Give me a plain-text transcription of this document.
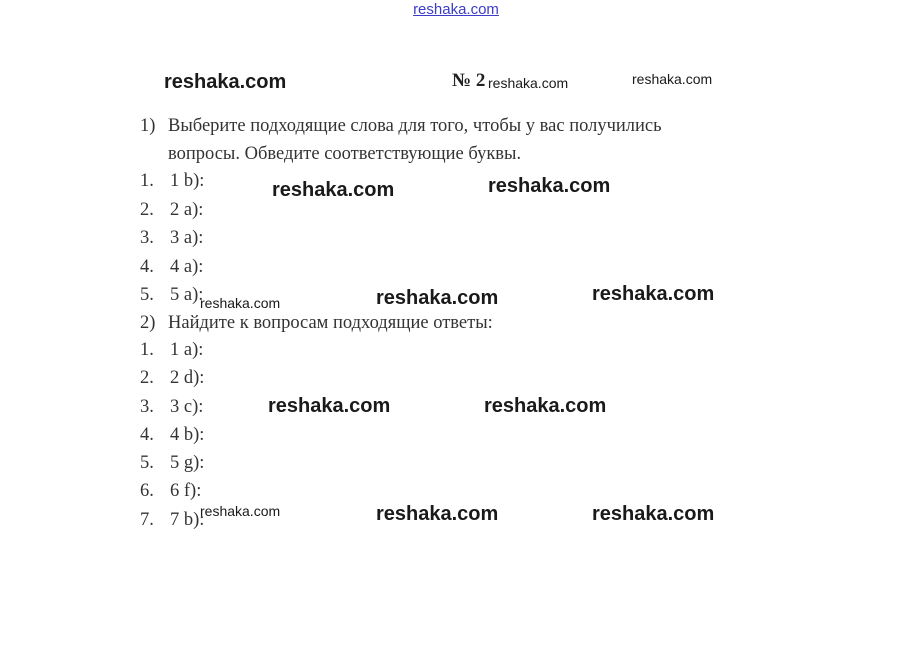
reshaka.com
№ 2
1) Выберите подходящие слова для того, чтобы у вас получились
вопросы. Обведите соответствующие буквы.
1. 1 b):
2. 2 a):
3. 3 a):
4. 4 a):
5. 5 a):
2) Найдите к вопросам подходящие ответы:
1. 1 a):
2. 2 d):
3. 3 c):
4. 4 b):
5. 5 g):
6. 6 f):
7. 7 b):
reshaka.com	reshaka.com	reshaka.com
reshaka.com	reshaka.com
reshaka.com	reshaka.com	reshaka.com
reshaka.com	reshaka.com
reshaka.com	reshaka.com	reshaka.com
